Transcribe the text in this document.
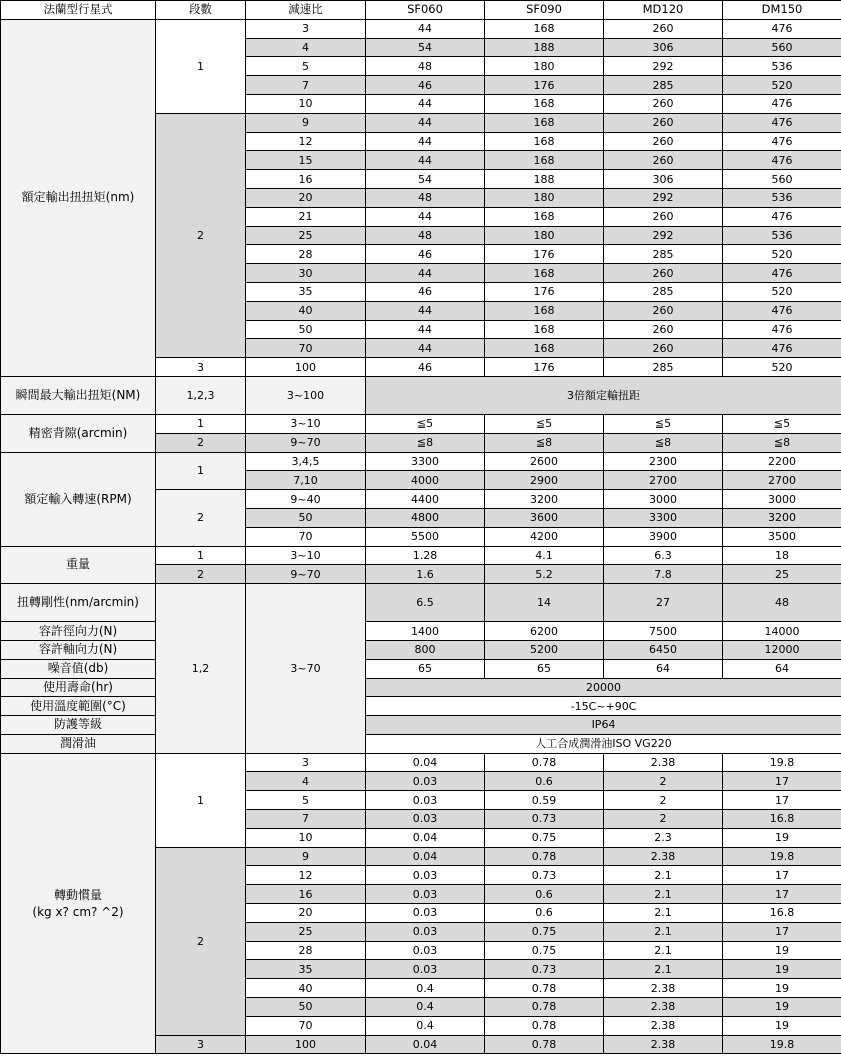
法蘭型行星式	段數	減速比	SF060	SF090	MD120	DM150
額定輸出扭扭矩(nm)	1	3	44	168	260	476
		4	54	188	306	560
		5	48	180	292	536
		7	46	176	285	520
		10	44	168	260	476
	2	9	44	168	260	476
		12	44	168	260	476
		15	44	168	260	476
		16	54	188	306	560
		20	48	180	292	536
		21	44	168	260	476
		25	48	180	292	536
		28	46	176	285	520
		30	44	168	260	476
		35	46	176	285	520
		40	44	168	260	476
		50	44	168	260	476
		70	44	168	260	476
	3	100	46	176	285	520
瞬間最大輸出扭矩(NM)	1,2,3	3~100	3倍額定輸扭距			
精密背隙(arcmin)	1	3~10	≦5	≦5	≦5	≦5
	2	9~70	≦8	≦8	≦8	≦8
額定輸入轉速(RPM)	1	3,4,5	3300	2600	2300	2200
		7,10	4000	2900	2700	2700
	2	9~40	4400	3200	3000	3000
		50	4800	3600	3300	3200
		70	5500	4200	3900	3500
重量	1	3~10	1.28	4.1	6.3	18
	2	9~70	1.6	5.2	7.8	25
扭轉剛性(nm/arcmin)	1,2	3~70	6.5	14	27	48
容許徑向力(N)			1400	6200	7500	14000
容許軸向力(N)			800	5200	6450	12000
噪音值(db)			65	65	64	64
使用壽命(hr)			20000			
使用溫度範圍(°C)			-15C~+90C			
防護等級			IP64			
潤滑油			人工合成潤滑油ISO VG220			
轉動慣量
(kg x? cm? ^2)	1	3	0.04	0.78	2.38	19.8
		4	0.03	0.6	2	17
		5	0.03	0.59	2	17
		7	0.03	0.73	2	16.8
		10	0.04	0.75	2.3	19
	2	9	0.04	0.78	2.38	19.8
		12	0.03	0.73	2.1	17
		16	0.03	0.6	2.1	17
		20	0.03	0.6	2.1	16.8
		25	0.03	0.75	2.1	17
		28	0.03	0.75	2.1	19
		35	0.03	0.73	2.1	19
		40	0.4	0.78	2.38	19
		50	0.4	0.78	2.38	19
		70	0.4	0.78	2.38	19
	3	100	0.04	0.78	2.38	19.8
